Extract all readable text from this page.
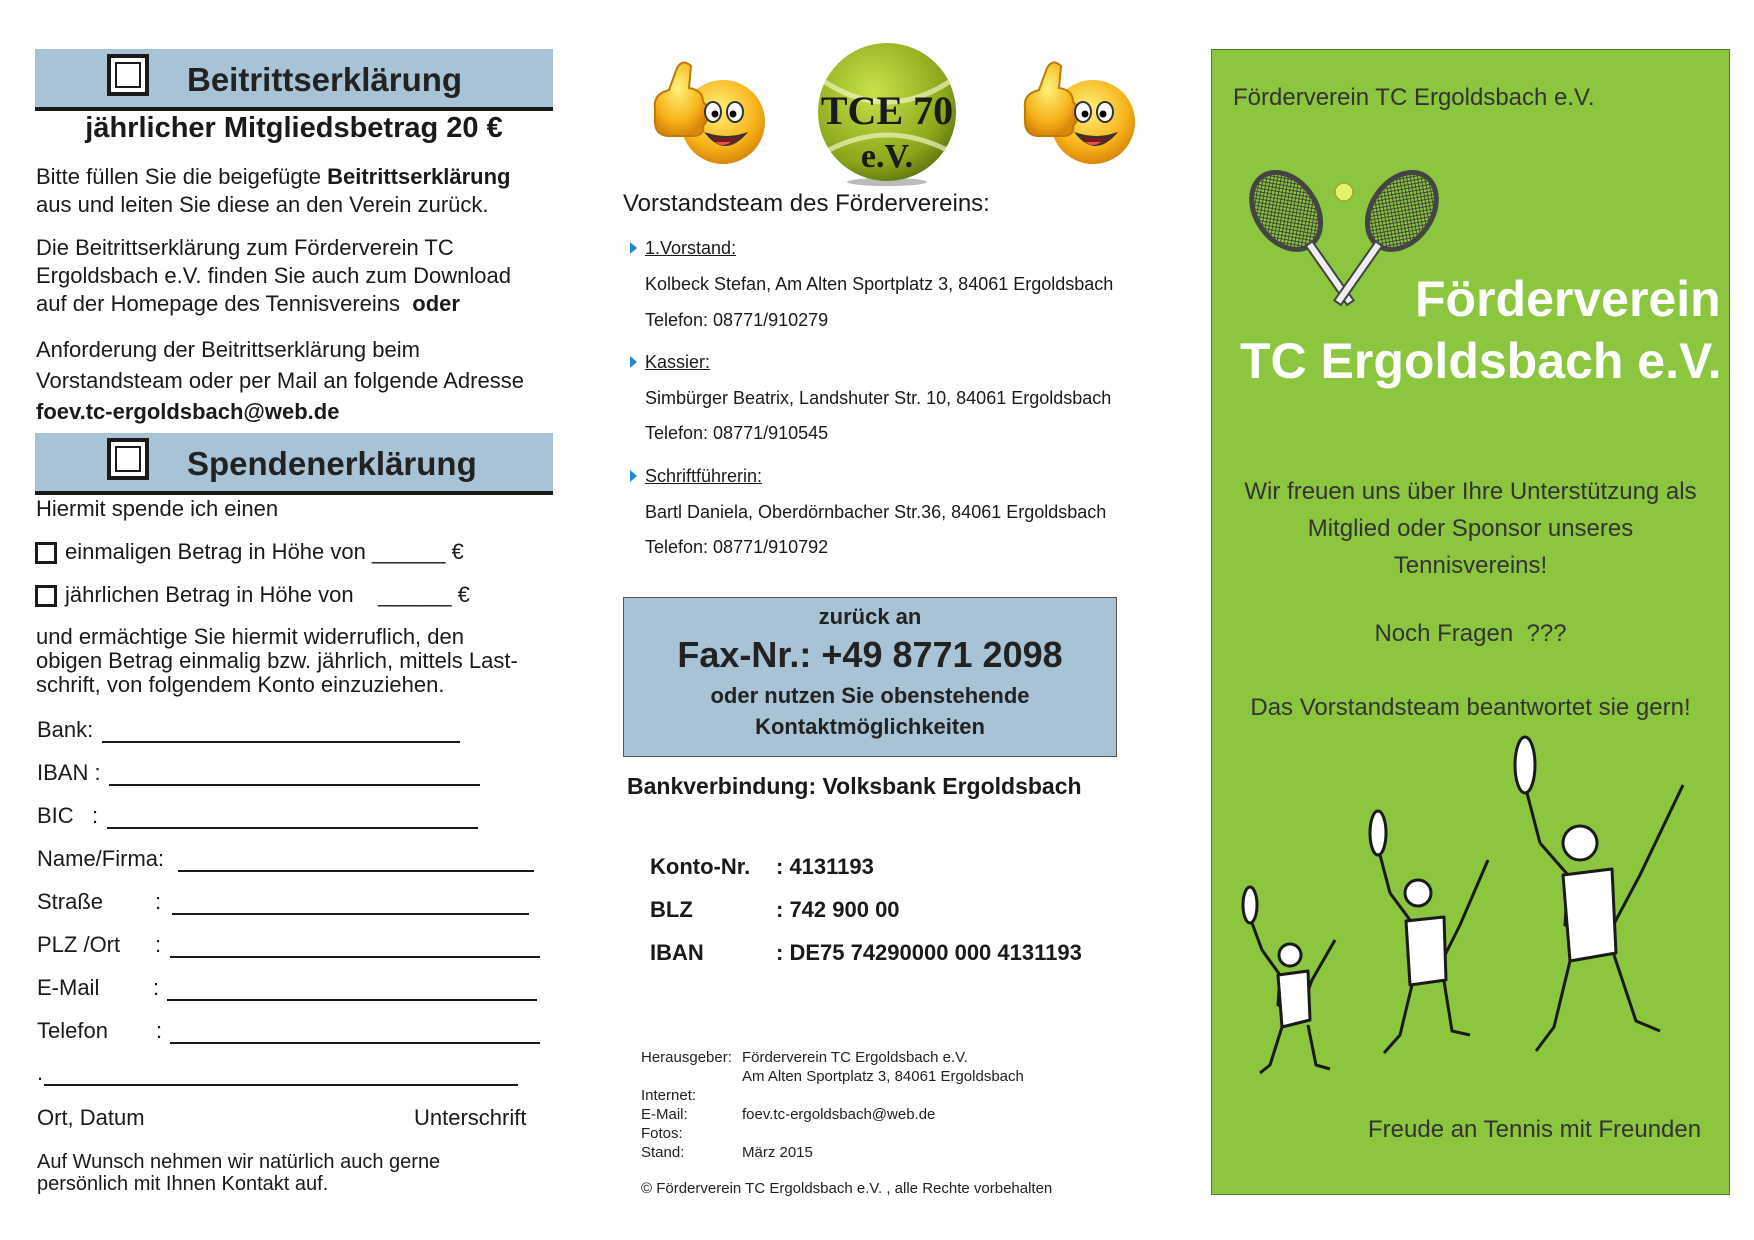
Beitrittserklärung
jährlicher Mitgliedsbetrag 20 €
Bitte füllen Sie die beigefügte Beitrittserklärung
aus und leiten Sie diese an den Verein zurück.
Die Beitrittserklärung zum Förderverein TC
Ergoldsbach e.V. finden Sie auch zum Download
auf der Homepage des Tennisvereins oder
Anforderung der Beitrittserklärung beim
Vorstandsteam oder per Mail an folgende Adresse
foev.tc-ergoldsbach@web.de
Spendenerklärung
Hiermit spende ich einen
einmaligen Betrag in Höhe von ______ €
jährlichen Betrag in Höhe von    ______ €
und ermächtige Sie hiermit widerruflich, den
obigen Betrag einmalig bzw. jährlich, mittels Last-
schrift, von folgendem Konto einzuziehen.
Bank:
IBAN :
BIC   :
Name/Firma:
Straße :
PLZ /Ort :
E-Mail :
Telefon :
.
Ort, Datum	Unterschrift
Auf Wunsch nehmen wir natürlich auch gerne
persönlich mit Ihnen Kontakt auf.
TCE 70
e.V.
Vorstandsteam des Fördervereins:
1.Vorstand:
Kolbeck Stefan, Am Alten Sportplatz 3, 84061 Ergoldsbach
Telefon: 08771/910279
Kassier:
Simbürger Beatrix, Landshuter Str. 10, 84061 Ergoldsbach
Telefon: 08771/910545
Schriftführerin:
Bartl Daniela, Oberdörnbacher Str.36, 84061 Ergoldsbach
Telefon: 08771/910792
zurück an
Fax-Nr.: +49 8771 2098
oder nutzen Sie obenstehende
Kontaktmöglichkeiten
Bankverbindung: Volksbank Ergoldsbach
Konto-Nr. : 4131193
BLZ	: 742 900 00
IBAN	: DE75 74290000 000 4131193
Herausgeber: Förderverein TC Ergoldsbach e.V.
Am Alten Sportplatz 3, 84061 Ergoldsbach
Internet:
E-Mail:	foev.tc-ergoldsbach@web.de
Fotos:
Stand:	März 2015
© Förderverein TC Ergoldsbach e.V. , alle Rechte vorbehalten
Förderverein TC Ergoldsbach e.V.
Förderverein
TC Ergoldsbach e.V.
Wir freuen uns über Ihre Unterstützung als
Mitglied oder Sponsor unseres
Tennisvereins!
Noch Fragen  ???
Das Vorstandsteam beantwortet sie gern!
Freude an Tennis mit Freunden
